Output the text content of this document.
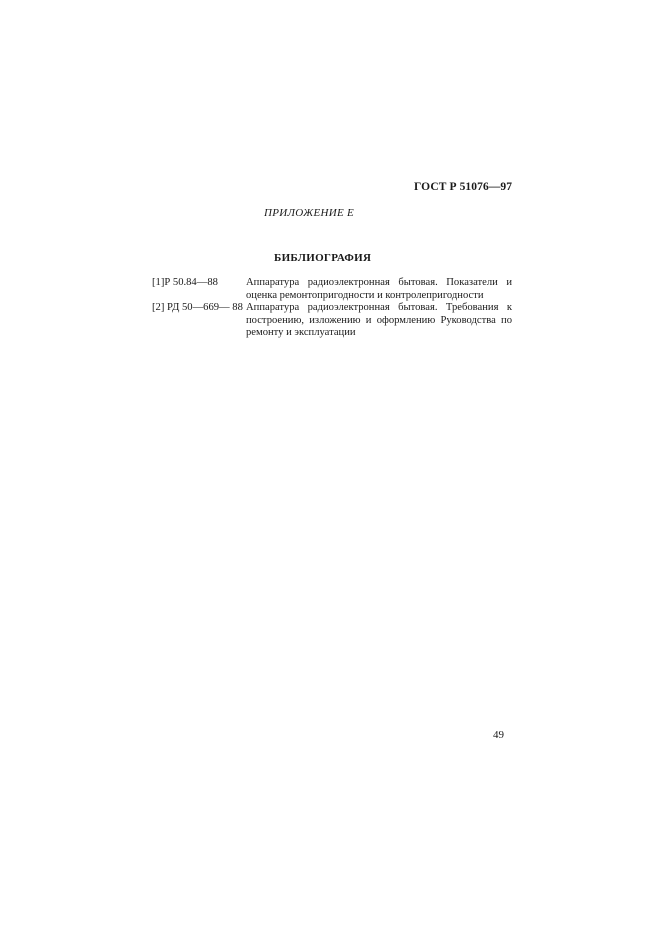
ГОСТ Р 51076—97
ПРИЛОЖЕНИЕ Е
БИБЛИОГРАФИЯ
[1]Р 50.84—88	Аппаратура радиоэлектронная бытовая. Показатели и оценка ремонтопригодности и контролепригодности
[2] РД 50—669— 88 Аппаратура радиоэлектронная бытовая. Требования к построению, изложению и оформлению Руководства по ремонту и эксплуатации
49
